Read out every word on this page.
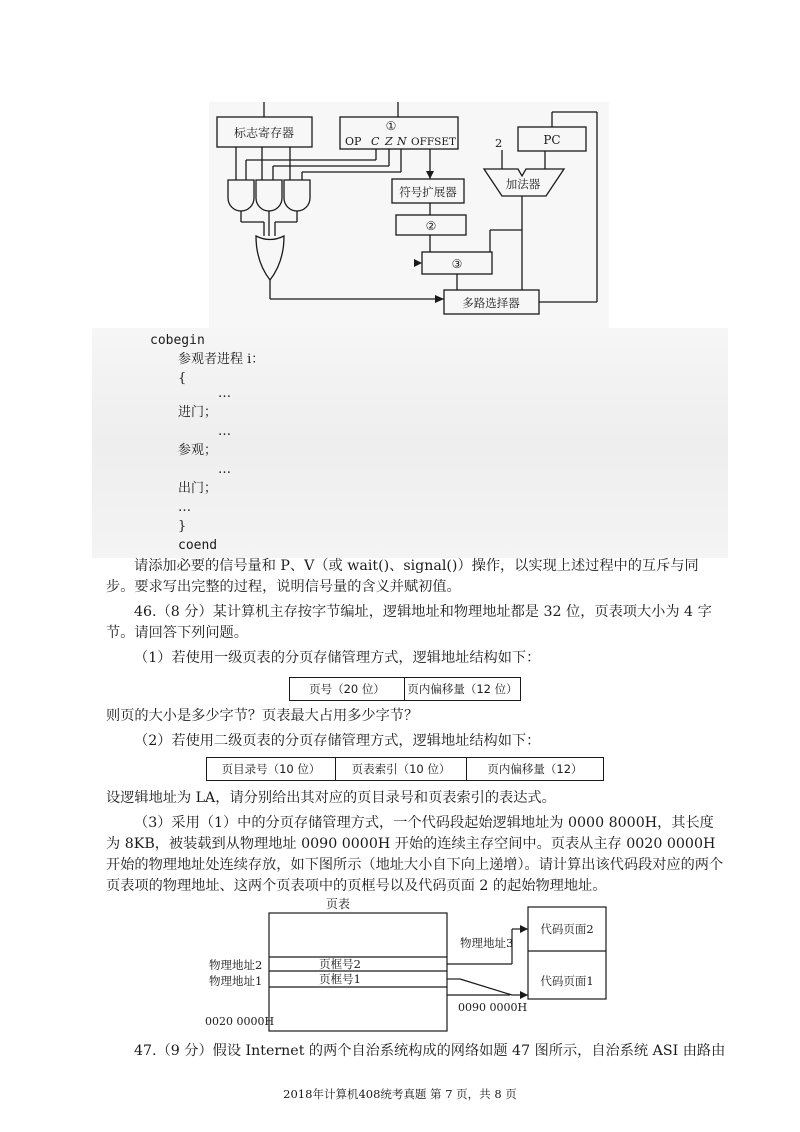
标志寄存器	①
OP C Z N OFFSET
符号扩展器
②
③
多路选择器
PC
加法器
2
cobegin
参观者进程 i：
{
…
进门；
…
参观；
…
出门；
…
}
coend
请添加必要的信号量和 P、V（或 wait()、signal()）操作，以实现上述过程中的互斥与同步。要求写出完整的过程，说明信号量的含义并赋初值。
46.（8 分）某计算机主存按字节编址，逻辑地址和物理地址都是 32 位，页表项大小为 4 字节。请回答下列问题。
（1）若使用一级页表的分页存储管理方式，逻辑地址结构如下：
页号（20 位）	页内偏移量（12 位）
则页的大小是多少字节？页表最大占用多少字节？
（2）若使用二级页表的分页存储管理方式，逻辑地址结构如下：
页目录号（10 位）	页表索引（10 位）	页内偏移量（12）
设逻辑地址为 LA，请分别给出其对应的页目录号和页表索引的表达式。
（3）采用（1）中的分页存储管理方式，一个代码段起始逻辑地址为 0000 8000H，其长度为 8KB，被装载到从物理地址 0090 0000H 开始的连续主存空间中。页表从主存 0020 0000H 开始的物理地址处连续存放，如下图所示（地址大小自下向上递增）。请计算出该代码段对应的两个页表项的物理地址、这两个页表项中的页框号以及代码页面 2 的起始物理地址。
页表
物理地址2
物理地址1
页框号2
页框号1
0020 0000H
物理地址3
0090 0000H
代码页面2
代码页面1
47.（9 分）假设 Internet 的两个自治系统构成的网络如题 47 图所示，自治系统 ASI 由路由
2018年计算机408统考真题 第 7 页，共 8 页
